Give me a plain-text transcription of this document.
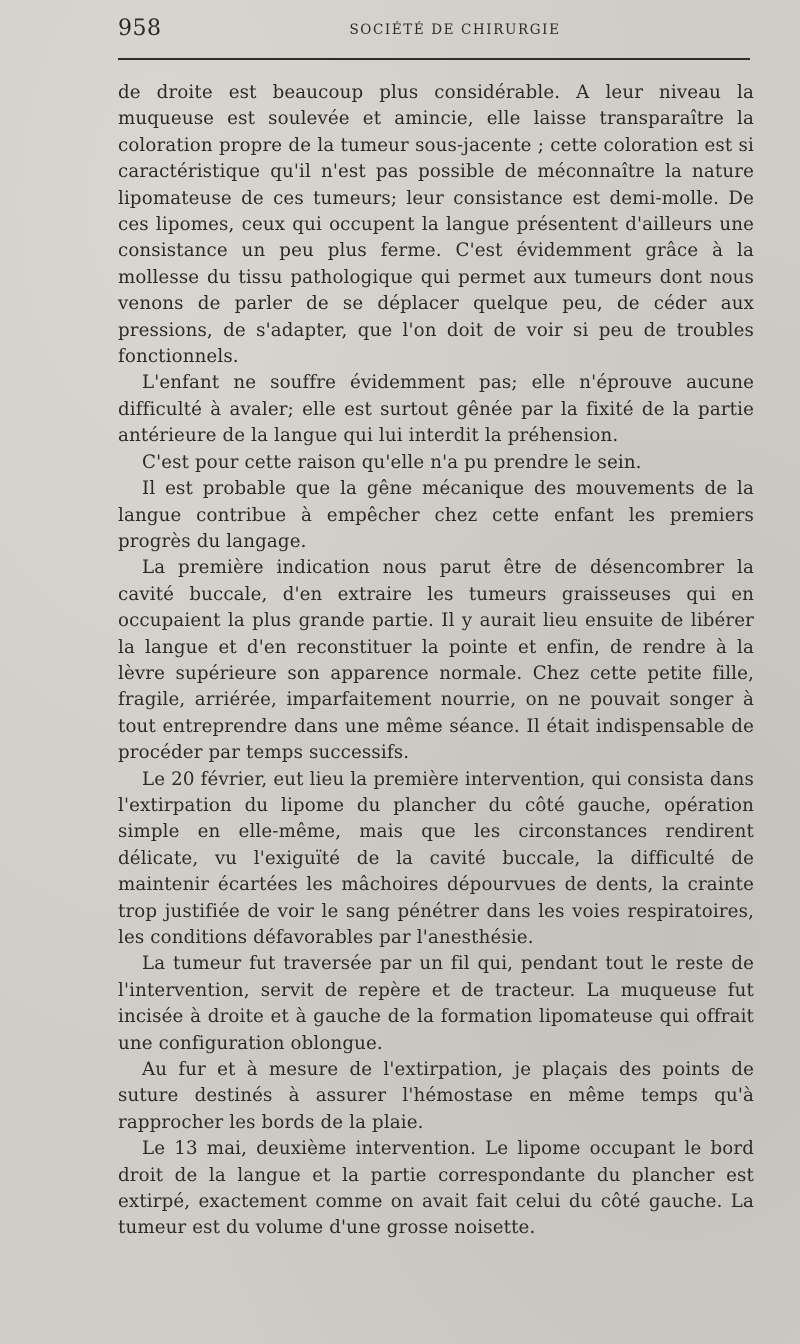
958	SOCIÉTÉ DE CHIRURGIE

de droite est beaucoup plus considérable. A leur niveau la muqueuse est soulevée et amincie, elle laisse transparaître la coloration propre de la tumeur sous-jacente ; cette coloration est si caractéristique qu'il n'est pas possible de méconnaître la nature lipomateuse de ces tumeurs; leur consistance est demi-molle. De ces lipomes, ceux qui occupent la langue présentent d'ailleurs une consistance un peu plus ferme. C'est évidemment grâce à la mollesse du tissu pathologique qui permet aux tumeurs dont nous venons de parler de se déplacer quelque peu, de céder aux pressions, de s'adapter, que l'on doit de voir si peu de troubles fonctionnels.

L'enfant ne souffre évidemment pas; elle n'éprouve aucune difficulté à avaler; elle est surtout gênée par la fixité de la partie antérieure de la langue qui lui interdit la préhension.

C'est pour cette raison qu'elle n'a pu prendre le sein.

Il est probable que la gêne mécanique des mouvements de la langue contribue à empêcher chez cette enfant les premiers progrès du langage.

La première indication nous parut être de désencombrer la cavité buccale, d'en extraire les tumeurs graisseuses qui en occupaient la plus grande partie. Il y aurait lieu ensuite de libérer la langue et d'en reconstituer la pointe et enfin, de rendre à la lèvre supérieure son apparence normale. Chez cette petite fille, fragile, arriérée, imparfaitement nourrie, on ne pouvait songer à tout entreprendre dans une même séance. Il était indispensable de procéder par temps successifs.

Le 20 février, eut lieu la première intervention, qui consista dans l'extirpation du lipome du plancher du côté gauche, opération simple en elle-même, mais que les circonstances rendirent délicate, vu l'exiguïté de la cavité buccale, la difficulté de maintenir écartées les mâchoires dépourvues de dents, la crainte trop justifiée de voir le sang pénétrer dans les voies respiratoires, les conditions défavorables par l'anesthésie.

La tumeur fut traversée par un fil qui, pendant tout le reste de l'intervention, servit de repère et de tracteur. La muqueuse fut incisée à droite et à gauche de la formation lipomateuse qui offrait une configuration oblongue.

Au fur et à mesure de l'extirpation, je plaçais des points de suture destinés à assurer l'hémostase en même temps qu'à rapprocher les bords de la plaie.

Le 13 mai, deuxième intervention. Le lipome occupant le bord droit de la langue et la partie correspondante du plancher est extirpé, exactement comme on avait fait celui du côté gauche. La tumeur est du volume d'une grosse noisette.
